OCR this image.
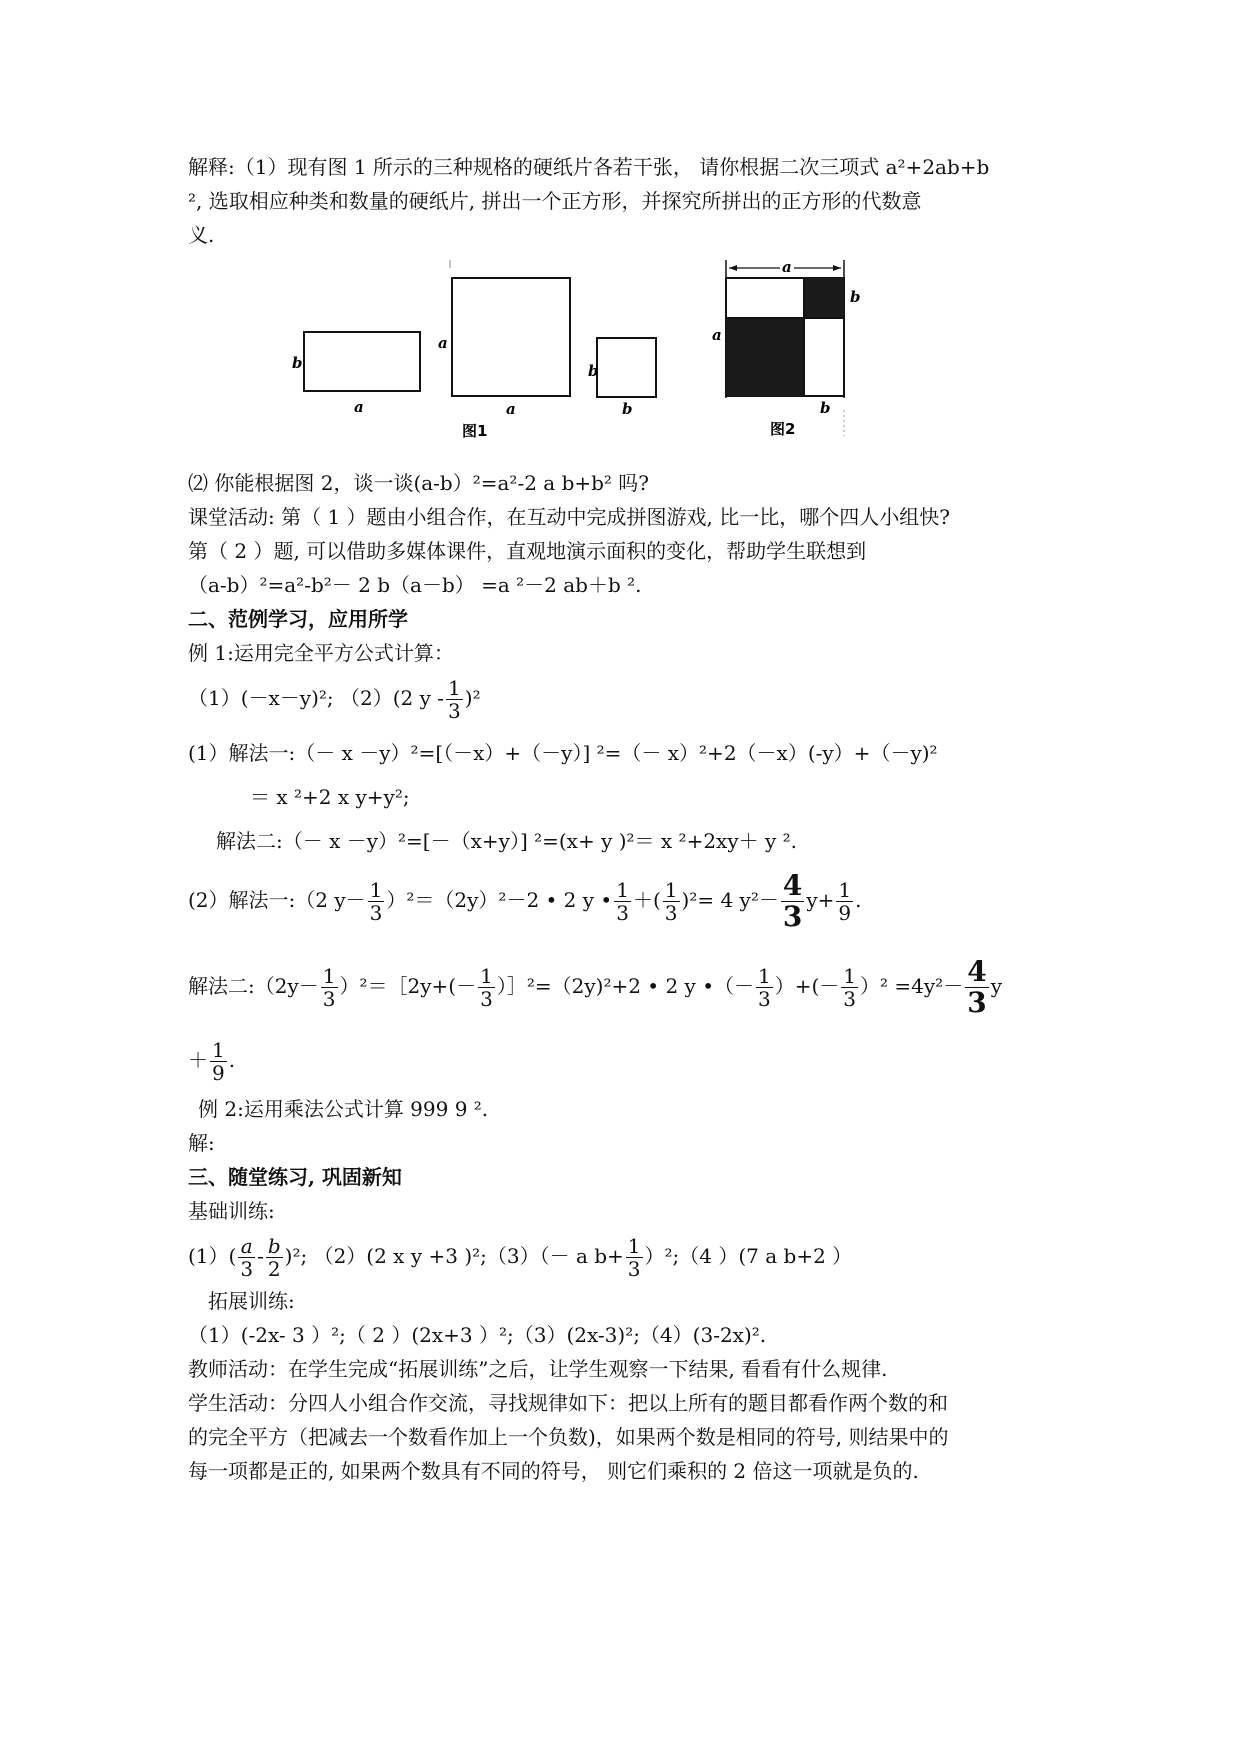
解释:（1）现有图 1 所示的三种规格的硬纸片各若干张， 请你根据二次三项式 a²+2ab+b

², 选取相应种类和数量的硬纸片, 拼出一个正方形，并探究所拼出的正方形的代数意

义.

b
a
a
a
b
b
图1
a
b
a
b
图2

⑵ 你能根据图 2，谈一谈(a-b）²=a²-2 a b+b² 吗?

课堂活动: 第（ 1 ）题由小组合作，在互动中完成拼图游戏, 比一比，哪个四人小组快?

第（ 2 ）题, 可以借助多媒体课件，直观地演示面积的变化，帮助学生联想到

（a-b）²=a²-b²－ 2 b（a－b） =a ²－2 ab＋b ².

二、范例学习，应用所学

例 1:运用完全平方公式计算：

（1）(－x－y)²; （2）(2 y - $\frac{1}{3} )^2$

(1）解法一:（－ x －y）²=[（－x）+（－y）] ²=（－ x）²+2（－x）(-y）+（－y)²

＝ x ²+2 x y+y²;

解法二:（－ x －y）²=[－（x+y）] ²=(x+ y )²＝ x ²+2xy＋ y ².

(2）解法一:（2 $y- \frac{1}{3} )^2=(2y)^2-2$ • 2 y • $\frac{1}{3}$ ＋( $\frac{1}{3} )^2= 4$ $y^2- \frac{4}{3} y+ \frac{1}{9}$ .

解法二:（2y－ $\frac{1}{3}$ ）²＝［2y+(－ $\frac{1}{3}$ ）］²=（2y)²+2 • 2 y •（－ $\frac{1}{3}$ ）+(－ $\frac{1}{3} )^2 =4y^2- \frac{4}{3}$ y

＋ $\frac{1}{9}$ .

例 2:运用乘法公式计算 999 9 ².

解:

三、随堂练习, 巩固新知

基础训练:

$(1)( \frac{a}{3} - \frac{b}{2} )^2$; （2）(2 x y +3 )²;（3）（－ a $b+ \frac{1}{3}$ ）²;（4 ）(7 a b+2 ）

拓展训练:

（1）(-2x- 3 ）²;（ 2 ）(2x+3 ）²;（3）(2x-3)²;（4）(3-2x)².

教师活动：在学生完成“拓展训练”之后，让学生观察一下结果, 看看有什么规律.

学生活动：分四人小组合作交流，寻找规律如下：把以上所有的题目都看作两个数的和

的完全平方（把减去一个数看作加上一个负数)，如果两个数是相同的符号, 则结果中的

每一项都是正的, 如果两个数具有不同的符号， 则它们乘积的 2 倍这一项就是负的.
